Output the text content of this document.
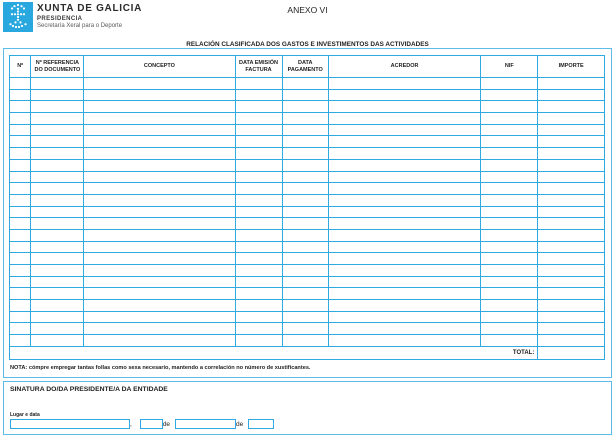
XUNTA DE GALICIA
PRESIDENCIA
Secretaría Xeral para o Deporte
ANEXO VI
RELACIÓN CLASIFICADA DOS GASTOS E INVESTIMENTOS DAS ACTIVIDADES
Nº	Nº REFERENCIA DO DOCUMENTO	CONCEPTO	DATA EMISIÓN FACTURA	DATA PAGAMENTO	ACREDOR	NIF	IMPORTE

TOTAL:							
NOTA: cómpre empregar tantas follas como sexa necesario, mantendo a correlación no número de xustificantes.
SINATURA DO/DA PRESIDENTE/A DA ENTIDADE
Lugar e data
,	de	de
